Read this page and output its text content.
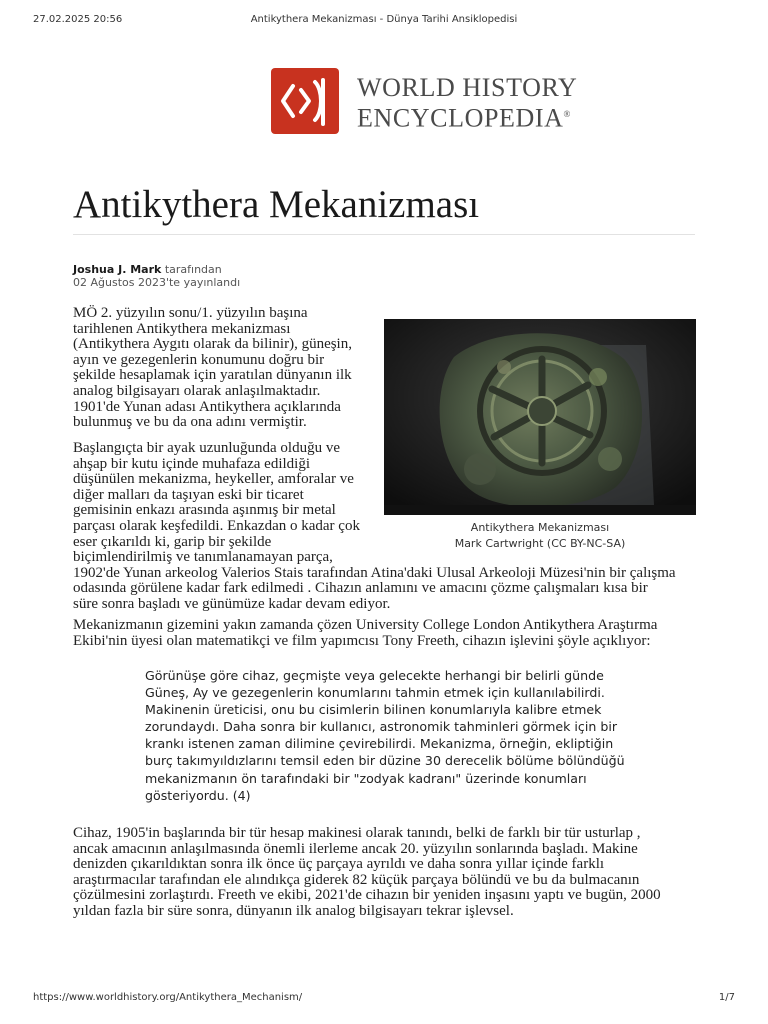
27.02.2025 20:56	Antikythera Mekanizması - Dünya Tarihi Ansiklopedisi
WORLD HISTORY
ENCYCLOPEDIA®
Antikythera Mekanizması
Joshua J. Mark tarafından
02 Ağustos 2023'te yayınlandı
Antikythera Mekanizması
Mark Cartwright (CC BY-NC-SA)
MÖ 2. yüzyılın sonu/1. yüzyılın başına
tarihlenen Antikythera mekanizması
(Antikythera Aygıtı olarak da bilinir), güneşin,
ayın ve gezegenlerin konumunu doğru bir
şekilde hesaplamak için yaratılan dünyanın ilk
analog bilgisayarı olarak anlaşılmaktadır.
1901'de Yunan adası Antikythera açıklarında
bulunmuş ve bu da ona adını vermiştir.
Başlangıçta bir ayak uzunluğunda olduğu ve
ahşap bir kutu içinde muhafaza edildiği
düşünülen mekanizma, heykeller, amforalar ve
diğer malları da taşıyan eski bir ticaret
gemisinin enkazı arasında aşınmış bir metal
parçası olarak keşfedildi. Enkazdan o kadar çok
eser çıkarıldı ki, garip bir şekilde
biçimlendirilmiş ve tanımlanamayan parça,
1902'de Yunan arkeolog Valerios Stais tarafından Atina'daki Ulusal Arkeoloji Müzesi'nin bir çalışma
odasında görülene kadar fark edilmedi . Cihazın anlamını ve amacını çözme çalışmaları kısa bir
süre sonra başladı ve günümüze kadar devam ediyor.
Mekanizmanın gizemini yakın zamanda çözen University College London Antikythera Araştırma
Ekibi'nin üyesi olan matematikçi ve film yapımcısı Tony Freeth, cihazın işlevini şöyle açıklıyor:
Görünüşe göre cihaz, geçmişte veya gelecekte herhangi bir belirli günde
Güneş, Ay ve gezegenlerin konumlarını tahmin etmek için kullanılabilirdi.
Makinenin üreticisi, onu bu cisimlerin bilinen konumlarıyla kalibre etmek
zorundaydı. Daha sonra bir kullanıcı, astronomik tahminleri görmek için bir
krankı istenen zaman dilimine çevirebilirdi. Mekanizma, örneğin, ekliptiğin
burç takımyıldızlarını temsil eden bir düzine 30 derecelik bölüme bölündüğü
mekanizmanın ön tarafındaki bir "zodyak kadranı" üzerinde konumları
gösteriyordu. (4)
Cihaz, 1905'in başlarında bir tür hesap makinesi olarak tanındı, belki de farklı bir tür usturlap ,
ancak amacının anlaşılmasında önemli ilerleme ancak 20. yüzyılın sonlarında başladı. Makine
denizden çıkarıldıktan sonra ilk önce üç parçaya ayrıldı ve daha sonra yıllar içinde farklı
araştırmacılar tarafından ele alındıkça giderek 82 küçük parçaya bölündü ve bu da bulmacanın
çözülmesini zorlaştırdı. Freeth ve ekibi, 2021'de cihazın bir yeniden inşasını yaptı ve bugün, 2000
yıldan fazla bir süre sonra, dünyanın ilk analog bilgisayarı tekrar işlevsel.
https://www.worldhistory.org/Antikythera_Mechanism/	1/7
